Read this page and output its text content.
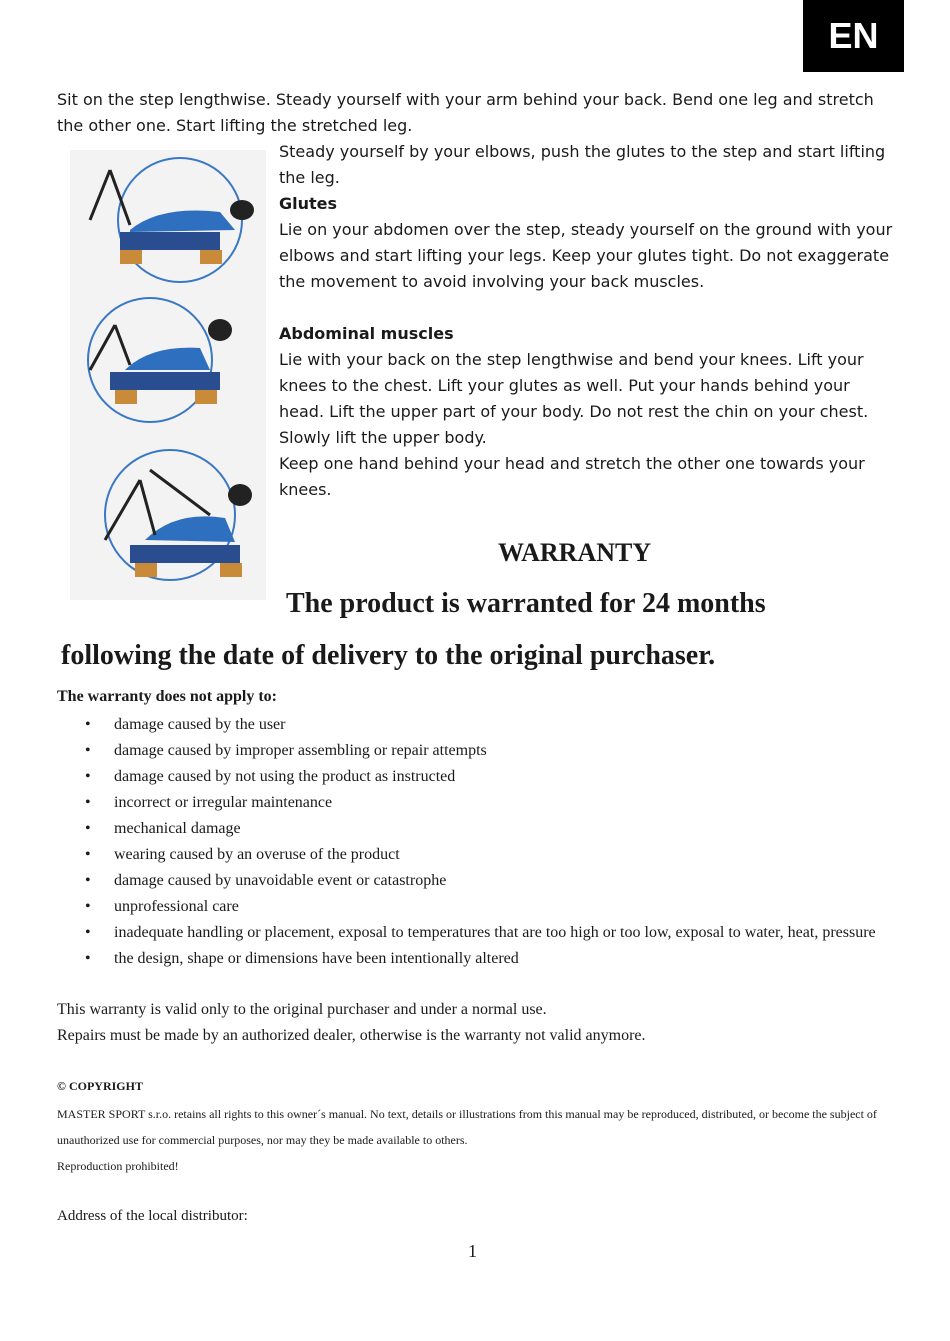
EN
Sit on the step lengthwise. Steady yourself with your arm behind your back. Bend one leg and stretch the other one. Start lifting the stretched leg.

Steady yourself by your elbows, push the glutes to the step and start lifting the leg.

Glutes

Lie on your abdomen over the step, steady yourself on the ground with your elbows and start lifting your legs. Keep your glutes tight. Do not exaggerate the movement to avoid involving your back muscles.

Abdominal muscles

Lie with your back on the step lengthwise and bend your knees. Lift your knees to the chest. Lift your glutes as well. Put your hands behind your head. Lift the upper part of your body. Do not rest the chin on your chest. Slowly lift the upper body.

Keep one hand behind your head and stretch the other one towards your knees.

WARRANTY
The product is warranted for 24 months
following the date of delivery to the original purchaser.
The warranty does not apply to:
• damage caused by the user
• damage caused by improper assembling or repair attempts
• damage caused by not using the product as instructed
• incorrect or irregular maintenance
• mechanical damage
• wearing caused by an overuse of the product
• damage caused by unavoidable event or catastrophe
• unprofessional care
• inadequate handling or placement, exposal to temperatures that are too high or too low, exposal to water, heat, pressure
• the design, shape or dimensions have been intentionally altered
This warranty is valid only to the original purchaser and under a normal use.
Repairs must be made by an authorized dealer, otherwise is the warranty not valid anymore.
© COPYRIGHT
MASTER SPORT s.r.o. retains all rights to this owner´s manual. No text, details or illustrations from this manual may be reproduced, distributed, or become the subject of unauthorized use for commercial purposes, nor may they be made available to others.
Reproduction prohibited!
Address of the local distributor:
1
